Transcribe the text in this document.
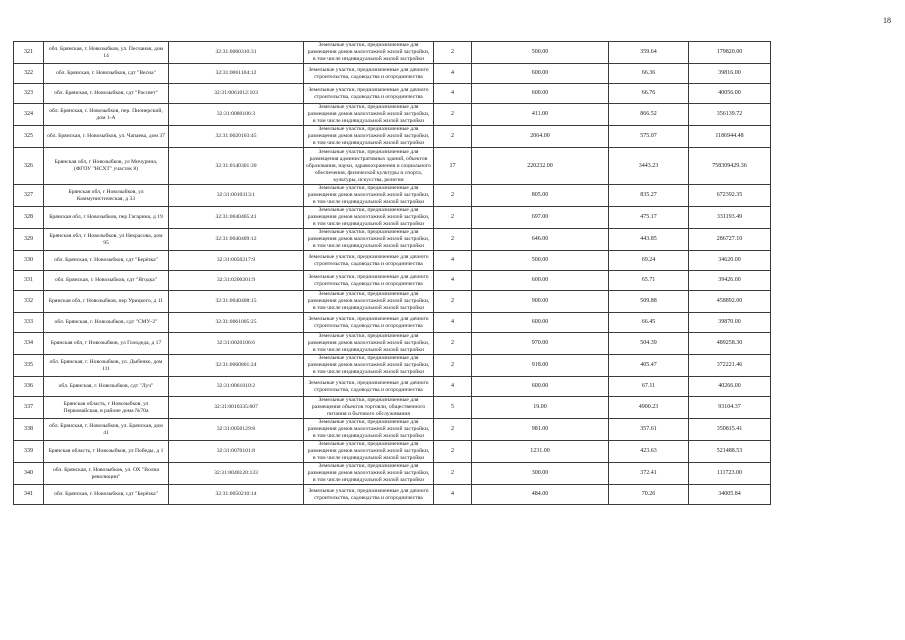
18
321	обл. Брянская, г. Новозыбков, ул. Песчаная, дом 14	32:31:0060310:31	Земельные участки, предназначенные для размещения домов малоэтажной жилой застройки, в том числе индивидуальной жилой застройки	2	500.00	359.64	179820.00
322	обл. Брянская, г. Новозыбков, сдт "Весна"	32:31:0061104:12	Земельные участки, предназначенные для дачного строительства, садоводства и огородничества	4	600.00	66.36	39816.00
323	обл. Брянская, г. Новозыбков, сдт "Рассвет"	32:31:0061012:103	Земельные участки, предназначенные для дачного строительства, садоводства и огородничества	4	600.00	66.76	40056.00
324	обл. Брянская, г. Новозыбков, пер. Пионерский, дом 1-А	32:31:0080106:3	Земельные участки, предназначенные для размещения домов малоэтажной жилой застройки, в том числе индивидуальной жилой застройки	2	411.00	866.52	356139.72
325	обл. Брянская, г. Новозыбков, ул. Чапаева, дом 37	32:31:0020103:45	Земельные участки, предназначенные для размещения домов малоэтажной жилой застройки, в том числе индивидуальной жилой застройки	2	2064.00	575.07	1186944.48
326	Брянская обл, г Новозыбков, ул Мичурина, (ФГОУ "НСХТ" участок 8)	32:31:0140301:30	Земельные участки, предназначенные для размещения административных зданий, объектов образования, науки, здравоохранения и социального обеспечения, физической культуры и спорта, культуры, искусства, религии	17	220232.00	3443.23	758309429.36
327	Брянская обл, г Новозыбков, ул Коммунистическая, д 33	32:31:0010313:1	Земельные участки, предназначенные для размещения домов малоэтажной жилой застройки, в том числе индивидуальной жилой застройки	2	805.00	835.27	672392.35
328	Брянская обл, г Новозыбков, пер Гагарина, д 19	32:31:0040405:41	Земельные участки, предназначенные для размещения домов малоэтажной жилой застройки, в том числе индивидуальной жилой застройки	2	697.00	475.17	331193.49
329	Брянская обл, г Новозыбков, ул Некрасова, дом 95	32:31:0040409:12	Земельные участки, предназначенные для размещения домов малоэтажной жилой застройки, в том числе индивидуальной жилой застройки	2	646.00	443.85	286727.10
330	обл. Брянская, г. Новозыбков, сдт "Берёзка"	32:31:0050217:9	Земельные участки, предназначенные для дачного строительства, садоводства и огородничества	4	500.00	69.24	34620.00
331	обл. Брянская, г. Новозыбков, сдт "Ягодка"	32:31:0200201:9	Земельные участки, предназначенные для дачного строительства, садоводства и огородничества	4	600.00	65.71	39426.00
332	Брянская обл, г Новозыбков, пер Урицкого, д 11	32:31:0040408:15	Земельные участки, предназначенные для размещения домов малоэтажной жилой застройки, в том числе индивидуальной жилой застройки	2	900.00	509.88	458892.00
333	обл. Брянская, г. Новозыбков, сдт "СМУ-2"	32:31:0061005:25	Земельные участки, предназначенные для дачного строительства, садоводства и огородничества	4	600.00	66.45	39870.00
334	Брянская обл, г Новозыбков, ул Голодеда, д 17	32:31:0020106:6	Земельные участки, предназначенные для размещения домов малоэтажной жилой застройки, в том числе индивидуальной жилой застройки	2	970.00	504.39	489258.30
335	обл. Брянская, г. Новозыбков, ул. Дыбенко, дом 111	32:31:0060801:24	Земельные участки, предназначенные для размещения домов малоэтажной жилой застройки, в том числе индивидуальной жилой застройки	2	918.00	405.47	372221.46
336	обл. Брянская, г. Новозыбков, сдт "Луч"	32:31:0061010:2	Земельные участки, предназначенные для дачного строительства, садоводства и огородничества	4	600.00	67.11	40266.00
337	Брянская область, г Новозыбков, ул Первомайская, в районе дома №70а	32:31:0010335:607	Земельные участки, предназначенные для размещения объектов торговли, общественного питания и бытового обслуживания	5	19.00	4900.23	93104.37
338	обл. Брянская, г. Новозыбков, ул. Брянская, дом 41	32:31:0050129:8	Земельные участки, предназначенные для размещения домов малоэтажной жилой застройки, в том числе индивидуальной жилой застройки	2	981.00	357.61	350815.41
339	Брянская область, г Новозыбков, ул Победы, д 1	32:31:0070101:8	Земельные участки, предназначенные для размещения домов малоэтажной жилой застройки, в том числе индивидуальной жилой застройки	2	1231.00	423.63	521488.53
340	обл. Брянская, г. Новозыбков, ул. ОХ "Волна революции"	32:31:0040120:133	Земельные участки, предназначенные для размещения домов малоэтажной жилой застройки, в том числе индивидуальной жилой застройки	2	300.00	372.41	111723.00
341	обл. Брянская, г. Новозыбков, сдт "Берёзка"	32:31:0050210:14	Земельные участки, предназначенные для дачного строительства, садоводства и огородничества	4	484.00	70.26	34005.84
